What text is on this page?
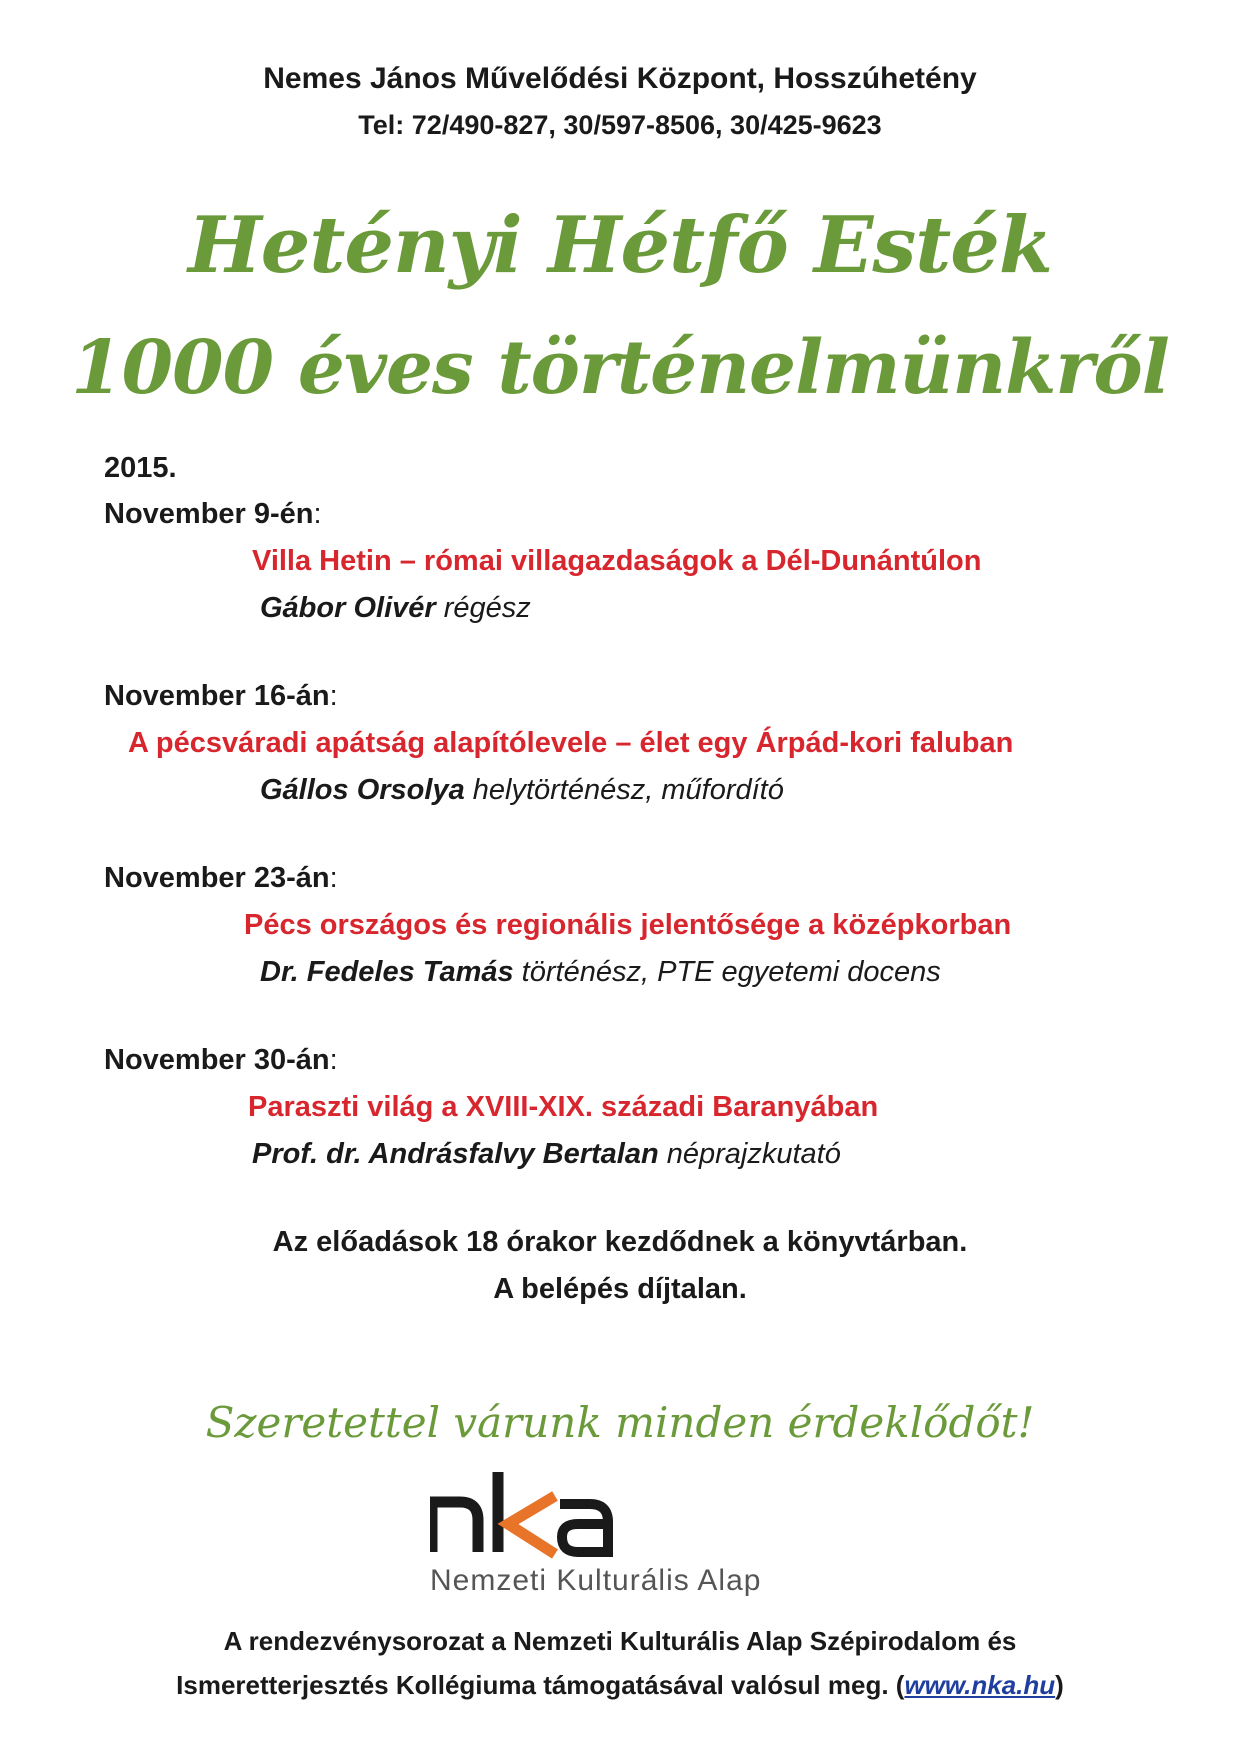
Nemes János Művelődési Központ, Hosszúhetény
Tel: 72/490-827, 30/597-8506, 30/425-9623
Hetényi Hétfő Esték
1000 éves történelmünkről
2015.
November 9-én:
Villa Hetin – római villagazdaságok a Dél-Dunántúlon
Gábor Olivér régész
November 16-án:
A pécsváradi apátság alapítólevele – élet egy Árpád-kori faluban
Gállos Orsolya helytörténész, műfordító
November 23-án:
Pécs országos és regionális jelentősége a középkorban
Dr. Fedeles Tamás történész, PTE egyetemi docens
November 30-án:
Paraszti világ a XVIII-XIX. századi Baranyában
Prof. dr. Andrásfalvy Bertalan néprajzkutató
Az előadások 18 órakor kezdődnek a könyvtárban.
A belépés díjtalan.
Szeretettel várunk minden érdeklődőt!
Nemzeti Kulturális Alap
A rendezvénysorozat a Nemzeti Kulturális Alap Szépirodalom és
Ismeretterjesztés Kollégiuma támogatásával valósul meg. (www.nka.hu)
